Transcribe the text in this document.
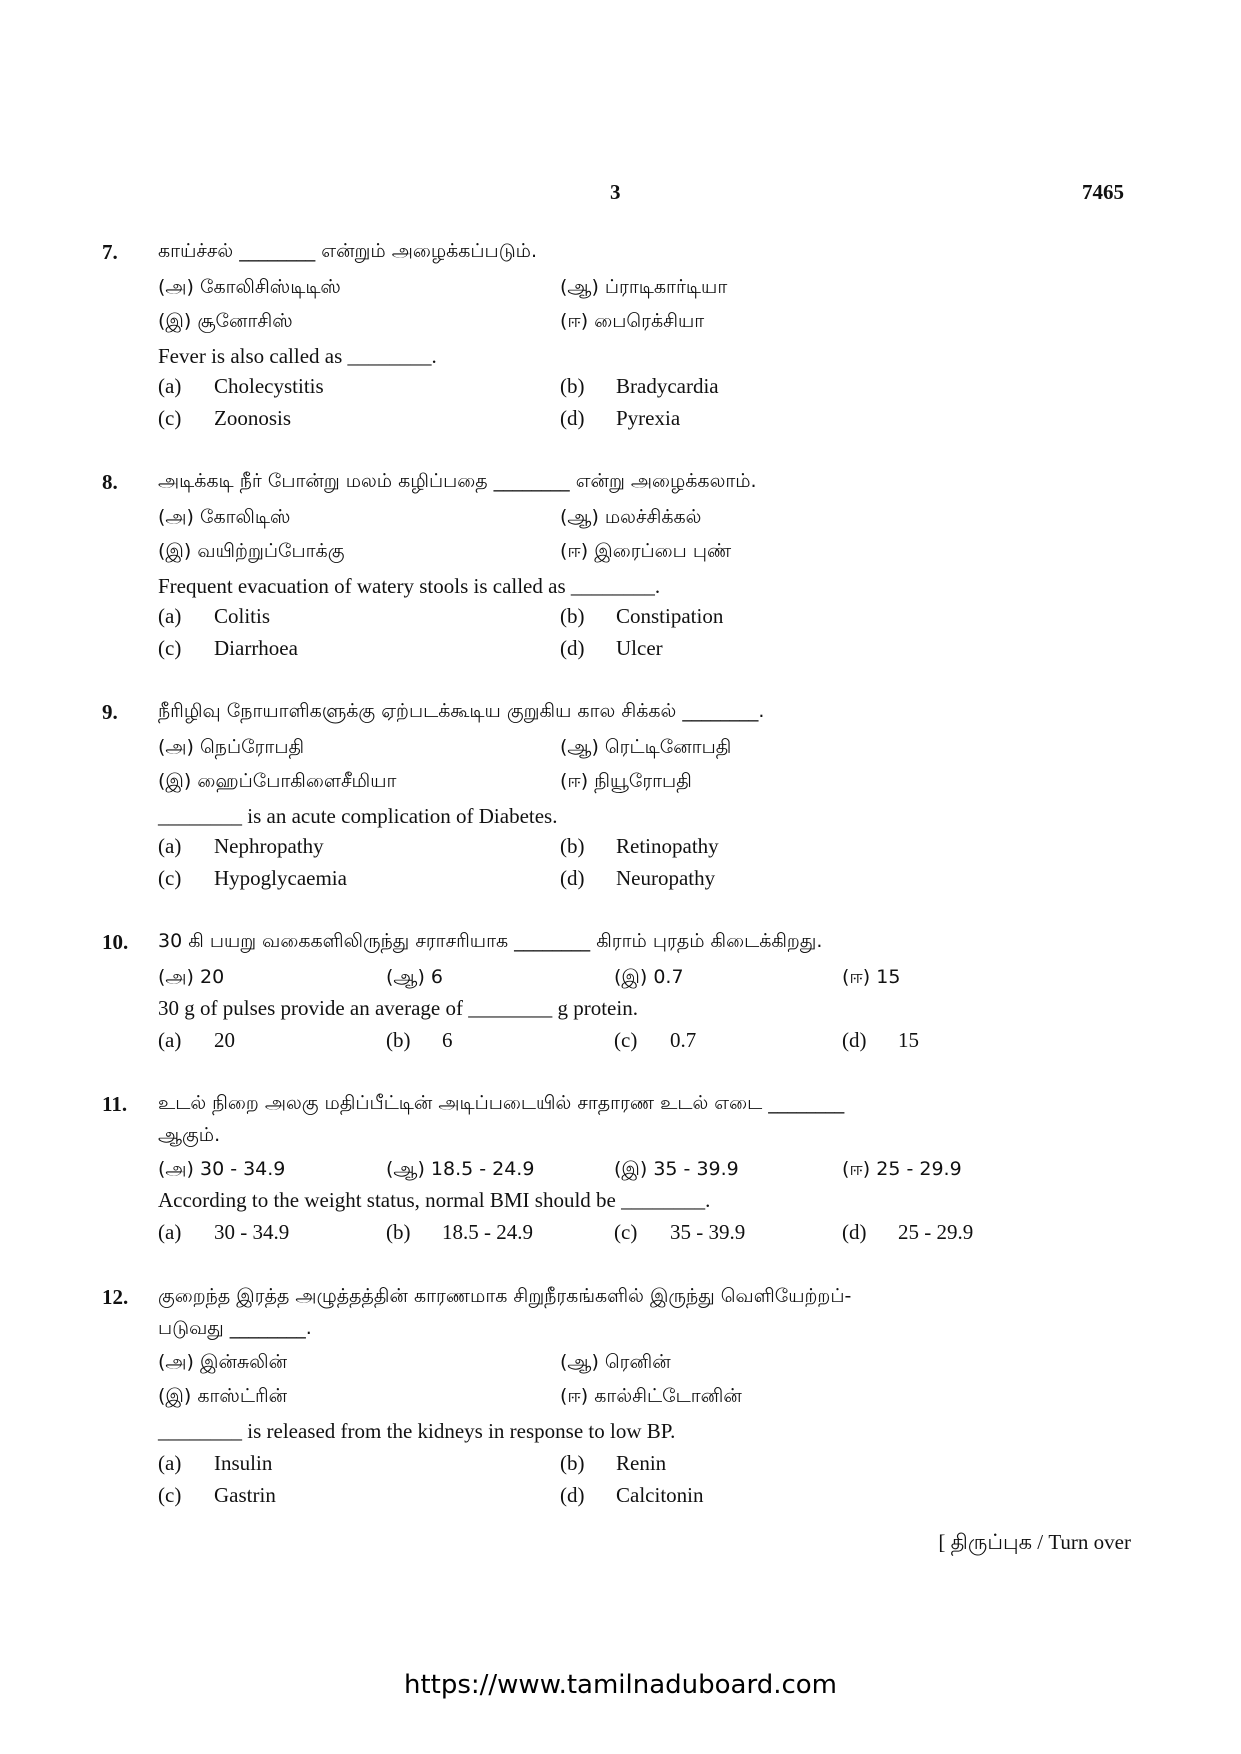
3	7465
7. காய்ச்சல் ________ என்றும் அழைக்கப்படும்.
(அ) கோலிசிஸ்டிடிஸ்	(ஆ) ப்ராடிகார்டியா
(இ) சூனோசிஸ்	(ஈ) பைரெக்சியா
Fever is also called as ________.
(a) Cholecystitis	(b) Bradycardia
(c) Zoonosis	(d) Pyrexia
8. அடிக்கடி நீர் போன்று மலம் கழிப்பதை ________ என்று அழைக்கலாம்.
(அ) கோலிடிஸ்	(ஆ) மலச்சிக்கல்
(இ) வயிற்றுப்போக்கு	(ஈ) இரைப்பை புண்
Frequent evacuation of watery stools is called as ________.
(a) Colitis	(b) Constipation
(c) Diarrhoea	(d) Ulcer
9. நீரிழிவு நோயாளிகளுக்கு ஏற்படக்கூடிய குறுகிய கால சிக்கல் ________.
(அ) நெப்ரோபதி	(ஆ) ரெட்டினோபதி
(இ) ஹைப்போகிளைசீமியா	(ஈ) நியூரோபதி
________ is an acute complication of Diabetes.
(a) Nephropathy	(b) Retinopathy
(c) Hypoglycaemia	(d) Neuropathy
10. 30 கி பயறு வகைகளிலிருந்து சராசரியாக ________ கிராம் புரதம் கிடைக்கிறது.
(அ) 20	(ஆ) 6	(இ) 0.7	(ஈ) 15
30 g of pulses provide an average of ________ g protein.
(a) 20	(b) 6	(c) 0.7	(d) 15
11. உடல் நிறை அலகு மதிப்பீட்டின் அடிப்படையில் சாதாரண உடல் எடை ________
ஆகும்.
(அ) 30 - 34.9	(ஆ) 18.5 - 24.9	(இ) 35 - 39.9	(ஈ) 25 - 29.9
According to the weight status, normal BMI should be ________.
(a) 30 - 34.9	(b) 18.5 - 24.9	(c) 35 - 39.9	(d) 25 - 29.9
12. குறைந்த இரத்த அழுத்தத்தின் காரணமாக சிறுநீரகங்களில் இருந்து வெளியேற்றப்-
படுவது ________.
(அ) இன்சுலின்	(ஆ) ரெனின்
(இ) காஸ்ட்ரின்	(ஈ) கால்சிட்டோனின்
________ is released from the kidneys in response to low BP.
(a) Insulin	(b) Renin
(c) Gastrin	(d) Calcitonin
[ திருப்புக / Turn over
https://www.tamilnaduboard.com
